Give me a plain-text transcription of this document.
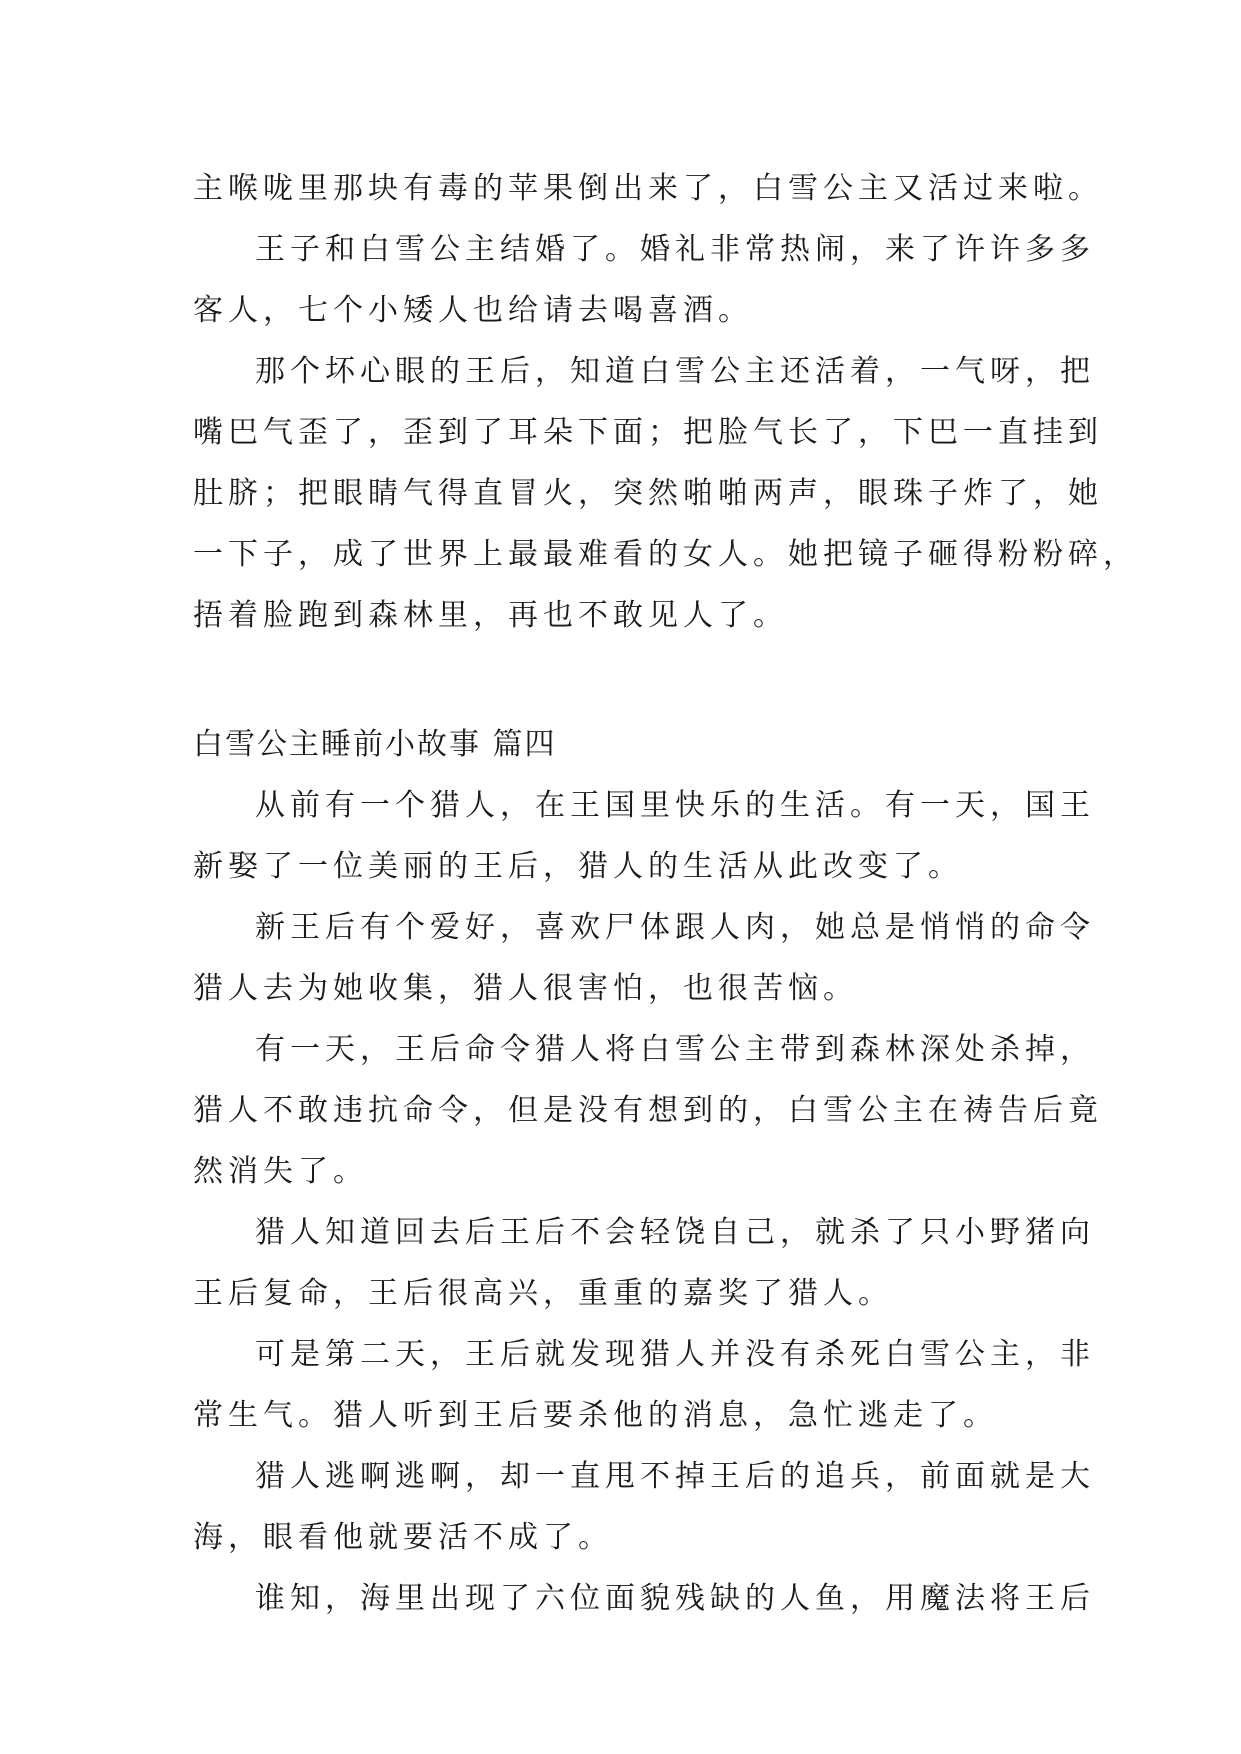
主喉咙里那块有毒的苹果倒出来了，白雪公主又活过来啦。
王子和白雪公主结婚了。婚礼非常热闹，来了许许多多
客人，七个小矮人也给请去喝喜酒。
那个坏心眼的王后，知道白雪公主还活着，一气呀，把
嘴巴气歪了，歪到了耳朵下面；把脸气长了，下巴一直挂到
肚脐；把眼睛气得直冒火，突然啪啪两声，眼珠子炸了，她
一下子，成了世界上最最难看的女人。她把镜子砸得粉粉碎，
捂着脸跑到森林里，再也不敢见人了。
白雪公主睡前小故事 篇四
从前有一个猎人，在王国里快乐的生活。有一天，国王
新娶了一位美丽的王后，猎人的生活从此改变了。
新王后有个爱好，喜欢尸体跟人肉，她总是悄悄的命令
猎人去为她收集，猎人很害怕，也很苦恼。
有一天，王后命令猎人将白雪公主带到森林深处杀掉，
猎人不敢违抗命令，但是没有想到的，白雪公主在祷告后竟
然消失了。
猎人知道回去后王后不会轻饶自己，就杀了只小野猪向
王后复命，王后很高兴，重重的嘉奖了猎人。
可是第二天，王后就发现猎人并没有杀死白雪公主，非
常生气。猎人听到王后要杀他的消息，急忙逃走了。
猎人逃啊逃啊，却一直甩不掉王后的追兵，前面就是大
海，眼看他就要活不成了。
谁知，海里出现了六位面貌残缺的人鱼，用魔法将王后
